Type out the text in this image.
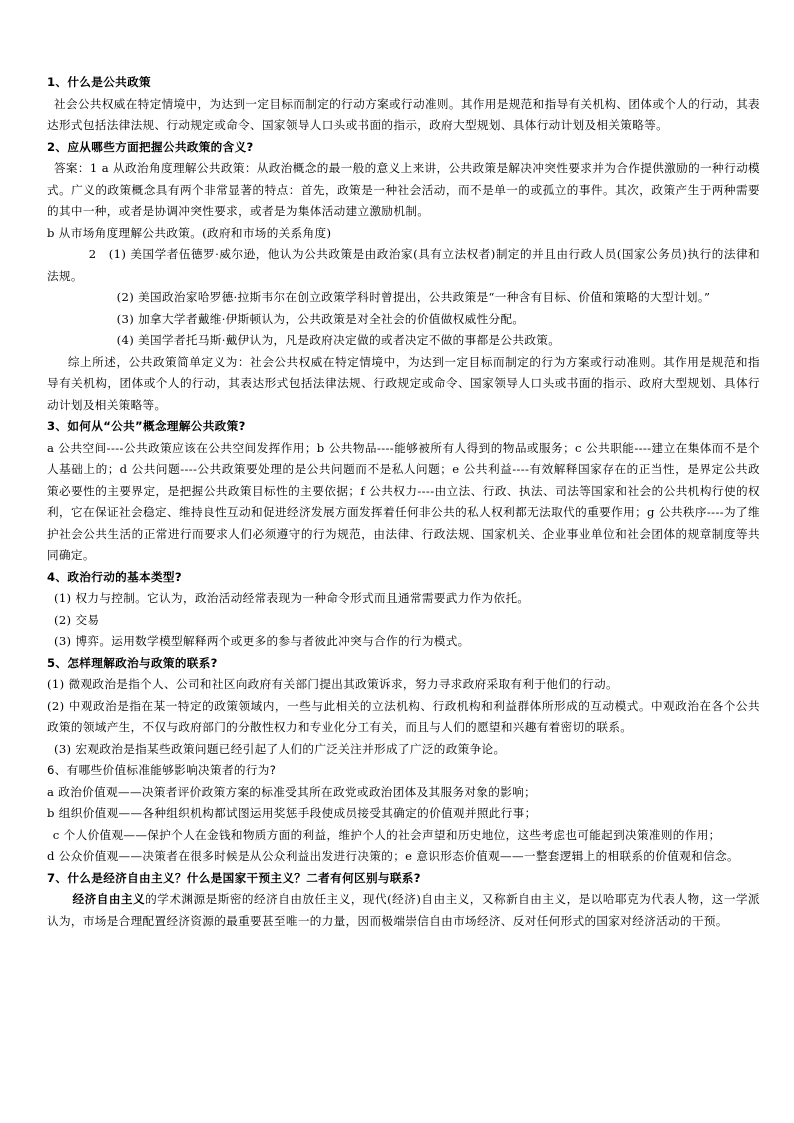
1、什么是公共政策

社会公共权威在特定情境中，为达到一定目标而制定的行动方案或行动准则。其作用是规范和指导有关机构、团体或个人的行动，其表达形式包括法律法规、行动规定或命令、国家领导人口头或书面的指示，政府大型规划、具体行动计划及相关策略等。

2、应从哪些方面把握公共政策的含义?

答案：1 a 从政治角度理解公共政策：从政治概念的最一般的意义上来讲，公共政策是解决冲突性要求并为合作提供激励的一种行动模式。广义的政策概念具有两个非常显著的特点：首先，政策是一种社会活动，而不是单一的或孤立的事件。其次，政策产生于两种需要的其中一种，或者是协调冲突性要求，或者是为集体活动建立激励机制。

b 从市场角度理解公共政策。(政府和市场的关系角度)

2　(1) 美国学者伍德罗·威尔逊，他认为公共政策是由政治家(具有立法权者)制定的并且由行政人员(国家公务员)执行的法律和法规。

(2) 美国政治家哈罗德·拉斯韦尔在创立政策学科时曾提出，公共政策是“一种含有目标、价值和策略的大型计划。”

(3) 加拿大学者戴维·伊斯顿认为，公共政策是对全社会的价值做权威性分配。

(4) 美国学者托马斯·戴伊认为，凡是政府决定做的或者决定不做的事都是公共政策。

综上所述，公共政策简单定义为：社会公共权威在特定情境中，为达到一定目标而制定的行为方案或行动准则。其作用是规范和指导有关机构，团体或个人的行动，其表达形式包括法律法规、行政规定或命令、国家领导人口头或书面的指示、政府大型规划、具体行动计划及相关策略等。

3、如何从“公共”概念理解公共政策?

a 公共空间----公共政策应该在公共空间发挥作用；b 公共物品----能够被所有人得到的物品或服务；c 公共职能----建立在集体而不是个人基础上的；d 公共问题----公共政策要处理的是公共问题而不是私人问题；e 公共利益----有效解释国家存在的正当性，是界定公共政策必要性的主要界定，是把握公共政策目标性的主要依据；f 公共权力----由立法、行政、执法、司法等国家和社会的公共机构行使的权利，它在保证社会稳定、维持良性互动和促进经济发展方面发挥着任何非公共的私人权利都无法取代的重要作用；g 公共秩序----为了维护社会公共生活的正常进行而要求人们必须遵守的行为规范，由法律、行政法规、国家机关、企业事业单位和社会团体的规章制度等共同确定。

4、政治行动的基本类型?

(1) 权力与控制。它认为，政治活动经常表现为一种命令形式而且通常需要武力作为依托。

(2) 交易

(3) 博弈。运用数学模型解释两个或更多的参与者彼此冲突与合作的行为模式。

5、怎样理解政治与政策的联系?

(1) 微观政治是指个人、公司和社区向政府有关部门提出其政策诉求，努力寻求政府采取有利于他们的行动。

(2) 中观政治是指在某一特定的政策领域内，一些与此相关的立法机构、行政机构和利益群体所形成的互动模式。中观政治在各个公共政策的领域产生，不仅与政府部门的分散性权力和专业化分工有关，而且与人们的愿望和兴趣有着密切的联系。

(3) 宏观政治是指某些政策问题已经引起了人们的广泛关注并形成了广泛的政策争论。

6、有哪些价值标准能够影响决策者的行为?

a 政治价值观——决策者评价政策方案的标准受其所在政党或政治团体及其服务对象的影响；

b 组织价值观——各种组织机构都试图运用奖惩手段使成员接受其确定的价值观并照此行事；

c 个人价值观——保护个人在金钱和物质方面的利益，维护个人的社会声望和历史地位，这些考虑也可能起到决策准则的作用；

d 公众价值观——决策者在很多时候是从公众利益出发进行决策的；e 意识形态价值观——一整套逻辑上的相联系的价值观和信念。

7、什么是经济自由主义？什么是国家干预主义？二者有何区别与联系?

经济自由主义的学术渊源是斯密的经济自由放任主义，现代(经济)自由主义，又称新自由主义，是以哈耶克为代表人物，这一学派认为，市场是合理配置经济资源的最重要甚至唯一的力量，因而极端崇信自由市场经济、反对任何形式的国家对经济活动的干预。
